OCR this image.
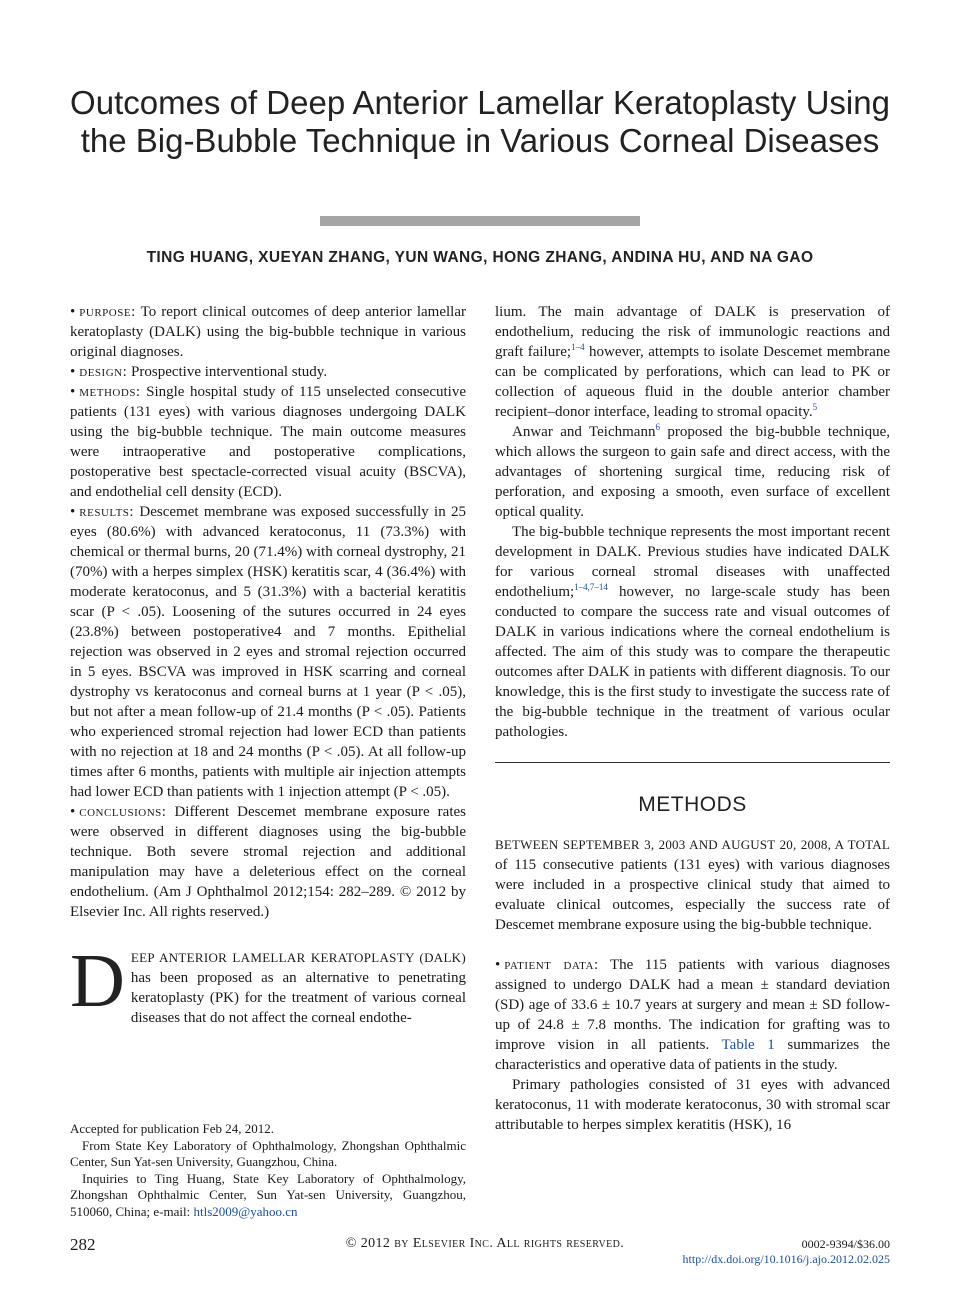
Outcomes of Deep Anterior Lamellar Keratoplasty Using the Big-Bubble Technique in Various Corneal Diseases
TING HUANG, XUEYAN ZHANG, YUN WANG, HONG ZHANG, ANDINA HU, AND NA GAO

• purpose: To report clinical outcomes of deep anterior lamellar keratoplasty (DALK) using the big-bubble technique in various original diagnoses.

• design: Prospective interventional study.

• methods: Single hospital study of 115 unselected consecutive patients (131 eyes) with various diagnoses undergoing DALK using the big-bubble technique. The main outcome measures were intraoperative and postoperative complications, postoperative best spectacle-corrected visual acuity (BSCVA), and endothelial cell density (ECD).

• results: Descemet membrane was exposed successfully in 25 eyes (80.6%) with advanced keratoconus, 11 (73.3%) with chemical or thermal burns, 20 (71.4%) with corneal dystrophy, 21 (70%) with a herpes simplex (HSK) keratitis scar, 4 (36.4%) with moderate keratoconus, and 5 (31.3%) with a bacterial keratitis scar (P < .05). Loosening of the sutures occurred in 24 eyes (23.8%) between postoperative4 and 7 months. Epithelial rejection was observed in 2 eyes and stromal rejection occurred in 5 eyes. BSCVA was improved in HSK scarring and corneal dystrophy vs keratoconus and corneal burns at 1 year (P < .05), but not after a mean follow-up of 21.4 months (P < .05). Patients who experienced stromal rejection had lower ECD than patients with no rejection at 18 and 24 months (P < .05). At all follow-up times after 6 months, patients with multiple air injection attempts had lower ECD than patients with 1 injection attempt (P < .05).

• conclusions: Different Descemet membrane exposure rates were observed in different diagnoses using the big-bubble technique. Both severe stromal rejection and additional manipulation may have a deleterious effect on the corneal endothelium. (Am J Ophthalmol 2012;154: 282–289. © 2012 by Elsevier Inc. All rights reserved.)

DEEP ANTERIOR LAMELLAR KERATOPLASTY (DALK) has been proposed as an alternative to penetrating keratoplasty (PK) for the treatment of various corneal diseases that do not affect the corneal endothe-

Accepted for publication Feb 24, 2012.

From State Key Laboratory of Ophthalmology, Zhongshan Ophthalmic Center, Sun Yat-sen University, Guangzhou, China.

Inquiries to Ting Huang, State Key Laboratory of Ophthalmology, Zhongshan Ophthalmic Center, Sun Yat-sen University, Guangzhou, 510060, China; e-mail: htls2009@yahoo.cn

lium. The main advantage of DALK is preservation of endothelium, reducing the risk of immunologic reactions and graft failure;$^{1-4}$ however, attempts to isolate Descemet membrane can be complicated by perforations, which can lead to PK or collection of aqueous fluid in the double anterior chamber recipient–donor interface, leading to stromal opacity.$^5$

Anwar and Teichmann$^6$ proposed the big-bubble technique, which allows the surgeon to gain safe and direct access, with the advantages of shortening surgical time, reducing risk of perforation, and exposing a smooth, even surface of excellent optical quality.

The big-bubble technique represents the most important recent development in DALK. Previous studies have indicated DALK for various corneal stromal diseases with unaffected endothelium;$^{1-4,7-14}$ however, no large-scale study has been conducted to compare the success rate and visual outcomes of DALK in various indications where the corneal endothelium is affected. The aim of this study was to compare the therapeutic outcomes after DALK in patients with different diagnosis. To our knowledge, this is the first study to investigate the success rate of the big-bubble technique in the treatment of various ocular pathologies.

METHODS

BETWEEN SEPTEMBER 3, 2003 AND AUGUST 20, 2008, A TOTAL of 115 consecutive patients (131 eyes) with various diagnoses were included in a prospective clinical study that aimed to evaluate clinical outcomes, especially the success rate of Descemet membrane exposure using the big-bubble technique.

• patient data: The 115 patients with various diagnoses assigned to undergo DALK had a mean ± standard deviation (SD) age of 33.6 ± 10.7 years at surgery and mean ± SD follow-up of 24.8 ± 7.8 months. The indication for grafting was to improve vision in all patients. Table 1 summarizes the characteristics and operative data of patients in the study.

Primary pathologies consisted of 31 eyes with advanced keratoconus, 11 with moderate keratoconus, 30 with stromal scar attributable to herpes simplex keratitis (HSK), 16

282	© 2012 by Elsevier Inc. All rights reserved.	0002-9394/$36.00
http://dx.doi.org/10.1016/j.ajo.2012.02.025
